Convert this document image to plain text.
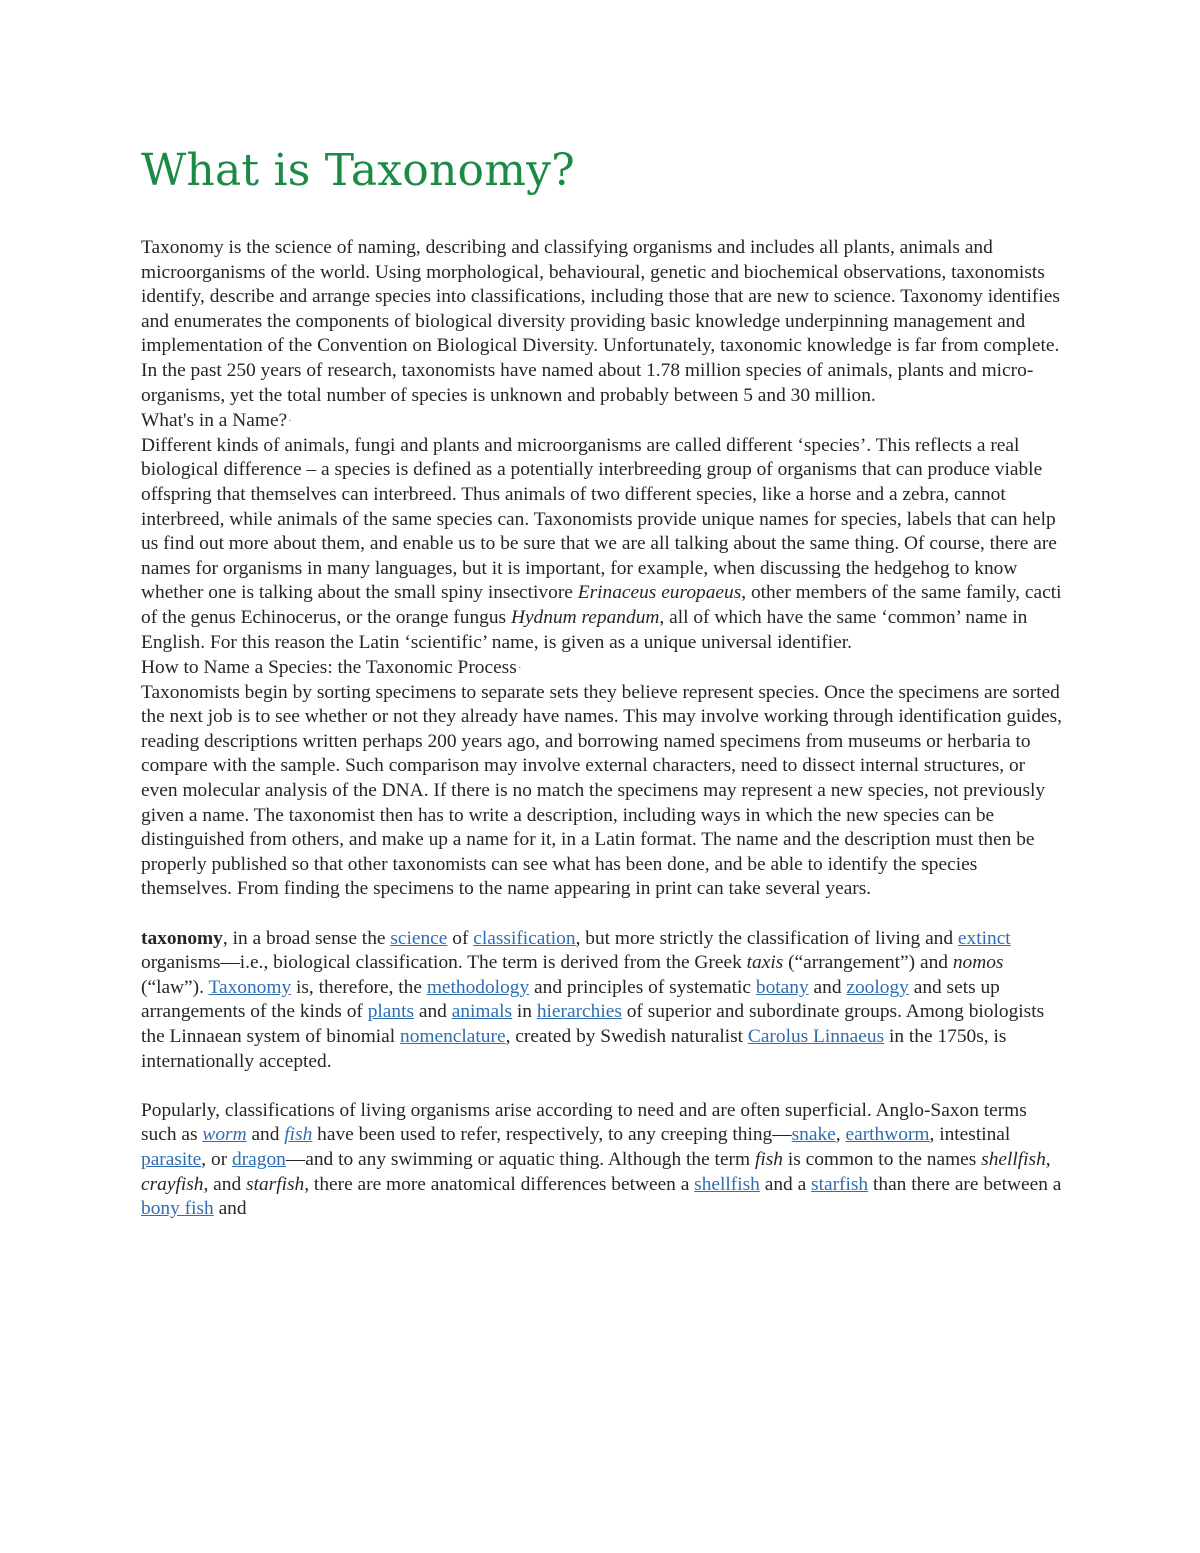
What is Taxonomy?

Taxonomy is the science of naming, describing and classifying organisms and includes all plants, animals and microorganisms of the world. Using morphological, behavioural, genetic and biochemical observations, taxonomists identify, describe and arrange species into classifications, including those that are new to science. Taxonomy identifies and enumerates the components of biological diversity providing basic knowledge underpinning management and implementation of the Convention on Biological Diversity. Unfortunately, taxonomic knowledge is far from complete. In the past 250 years of research, taxonomists have named about 1.78 million species of animals, plants and micro-organisms, yet the total number of species is unknown and probably between 5 and 30 million.

What's in a Name?·

Different kinds of animals, fungi and plants and microorganisms are called different ‘species’. This reflects a real biological difference – a species is defined as a potentially interbreeding group of organisms that can produce viable offspring that themselves can interbreed. Thus animals of two different species, like a horse and a zebra, cannot interbreed, while animals of the same species can. Taxonomists provide unique names for species, labels that can help us find out more about them, and enable us to be sure that we are all talking about the same thing. Of course, there are names for organisms in many languages, but it is important, for example, when discussing the hedgehog to know whether one is talking about the small spiny insectivore Erinaceus europaeus, other members of the same family, cacti of the genus Echinocerus, or the orange fungus Hydnum repandum, all of which have the same ‘common’ name in English. For this reason the Latin ‘scientific’ name, is given as a unique universal identifier.

How to Name a Species: the Taxonomic Process·

Taxonomists begin by sorting specimens to separate sets they believe represent species. Once the specimens are sorted the next job is to see whether or not they already have names. This may involve working through identification guides, reading descriptions written perhaps 200 years ago, and borrowing named specimens from museums or herbaria to compare with the sample. Such comparison may involve external characters, need to dissect internal structures, or even molecular analysis of the DNA. If there is no match the specimens may represent a new species, not previously given a name. The taxonomist then has to write a description, including ways in which the new species can be distinguished from others, and make up a name for it, in a Latin format. The name and the description must then be properly published so that other taxonomists can see what has been done, and be able to identify the species themselves. From finding the specimens to the name appearing in print can take several years.

taxonomy, in a broad sense the science of classification, but more strictly the classification of living and extinct organisms—i.e., biological classification. The term is derived from the Greek taxis (“arrangement”) and nomos (“law”). Taxonomy is, therefore, the methodology and principles of systematic botany and zoology and sets up arrangements of the kinds of plants and animals in hierarchies of superior and subordinate groups. Among biologists the Linnaean system of binomial nomenclature, created by Swedish naturalist Carolus Linnaeus in the 1750s, is internationally accepted.

Popularly, classifications of living organisms arise according to need and are often superficial. Anglo-Saxon terms such as worm and fish have been used to refer, respectively, to any creeping thing—snake, earthworm, intestinal parasite, or dragon—and to any swimming or aquatic thing. Although the term fish is common to the names shellfish, crayfish, and starfish, there are more anatomical differences between a shellfish and a starfish than there are between a bony fish and
